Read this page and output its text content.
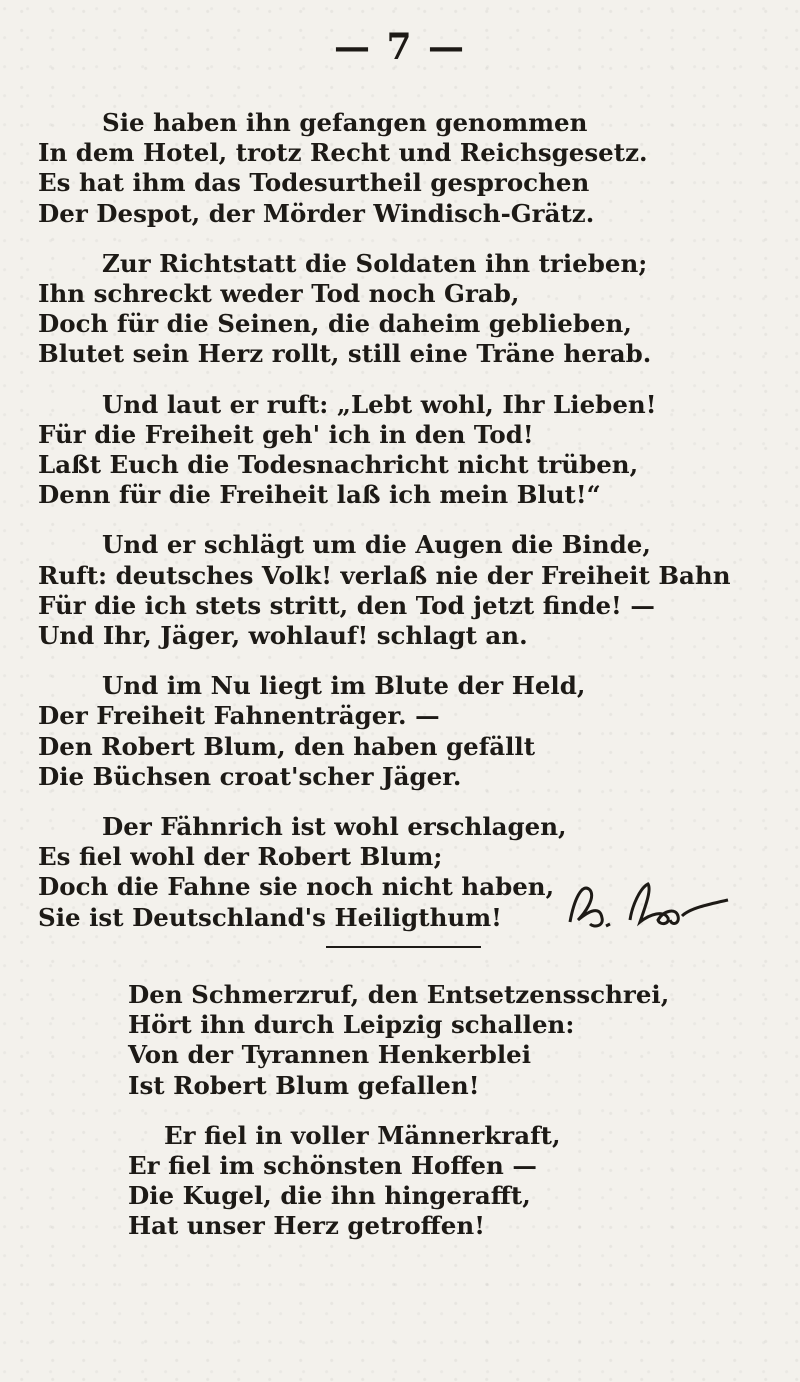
— 7 —
Sie haben ihn gefangen genommen
In dem Hotel, trotz Recht und Reichsgesetz.
Es hat ihm das Todesurtheil gesprochen
Der Despot, der Mörder Windisch-Grätz.
Zur Richtstatt die Soldaten ihn trieben;
Ihn schreckt weder Tod noch Grab,
Doch für die Seinen, die daheim geblieben,
Blutet sein Herz rollt, still eine Träne herab.
Und laut er ruft: „Lebt wohl, Ihr Lieben!
Für die Freiheit geh' ich in den Tod!
Laßt Euch die Todesnachricht nicht trüben,
Denn für die Freiheit laß ich mein Blut!“
Und er schlägt um die Augen die Binde,
Ruft: deutsches Volk! verlaß nie der Freiheit Bahn
Für die ich stets stritt, den Tod jetzt finde! —
Und Ihr, Jäger, wohlauf! schlagt an.
Und im Nu liegt im Blute der Held,
Der Freiheit Fahnenträger. —
Den Robert Blum, den haben gefällt
Die Büchsen croat'scher Jäger.
Der Fähnrich ist wohl erschlagen,
Es fiel wohl der Robert Blum;
Doch die Fahne sie noch nicht haben,
Sie ist Deutschland's Heiligthum!
Den Schmerzruf, den Entsetzensschrei,
Hört ihn durch Leipzig schallen:
Von der Tyrannen Henkerblei
Ist Robert Blum gefallen!
Er fiel in voller Männerkraft,
Er fiel im schönsten Hoffen —
Die Kugel, die ihn hingerafft,
Hat unser Herz getroffen!
